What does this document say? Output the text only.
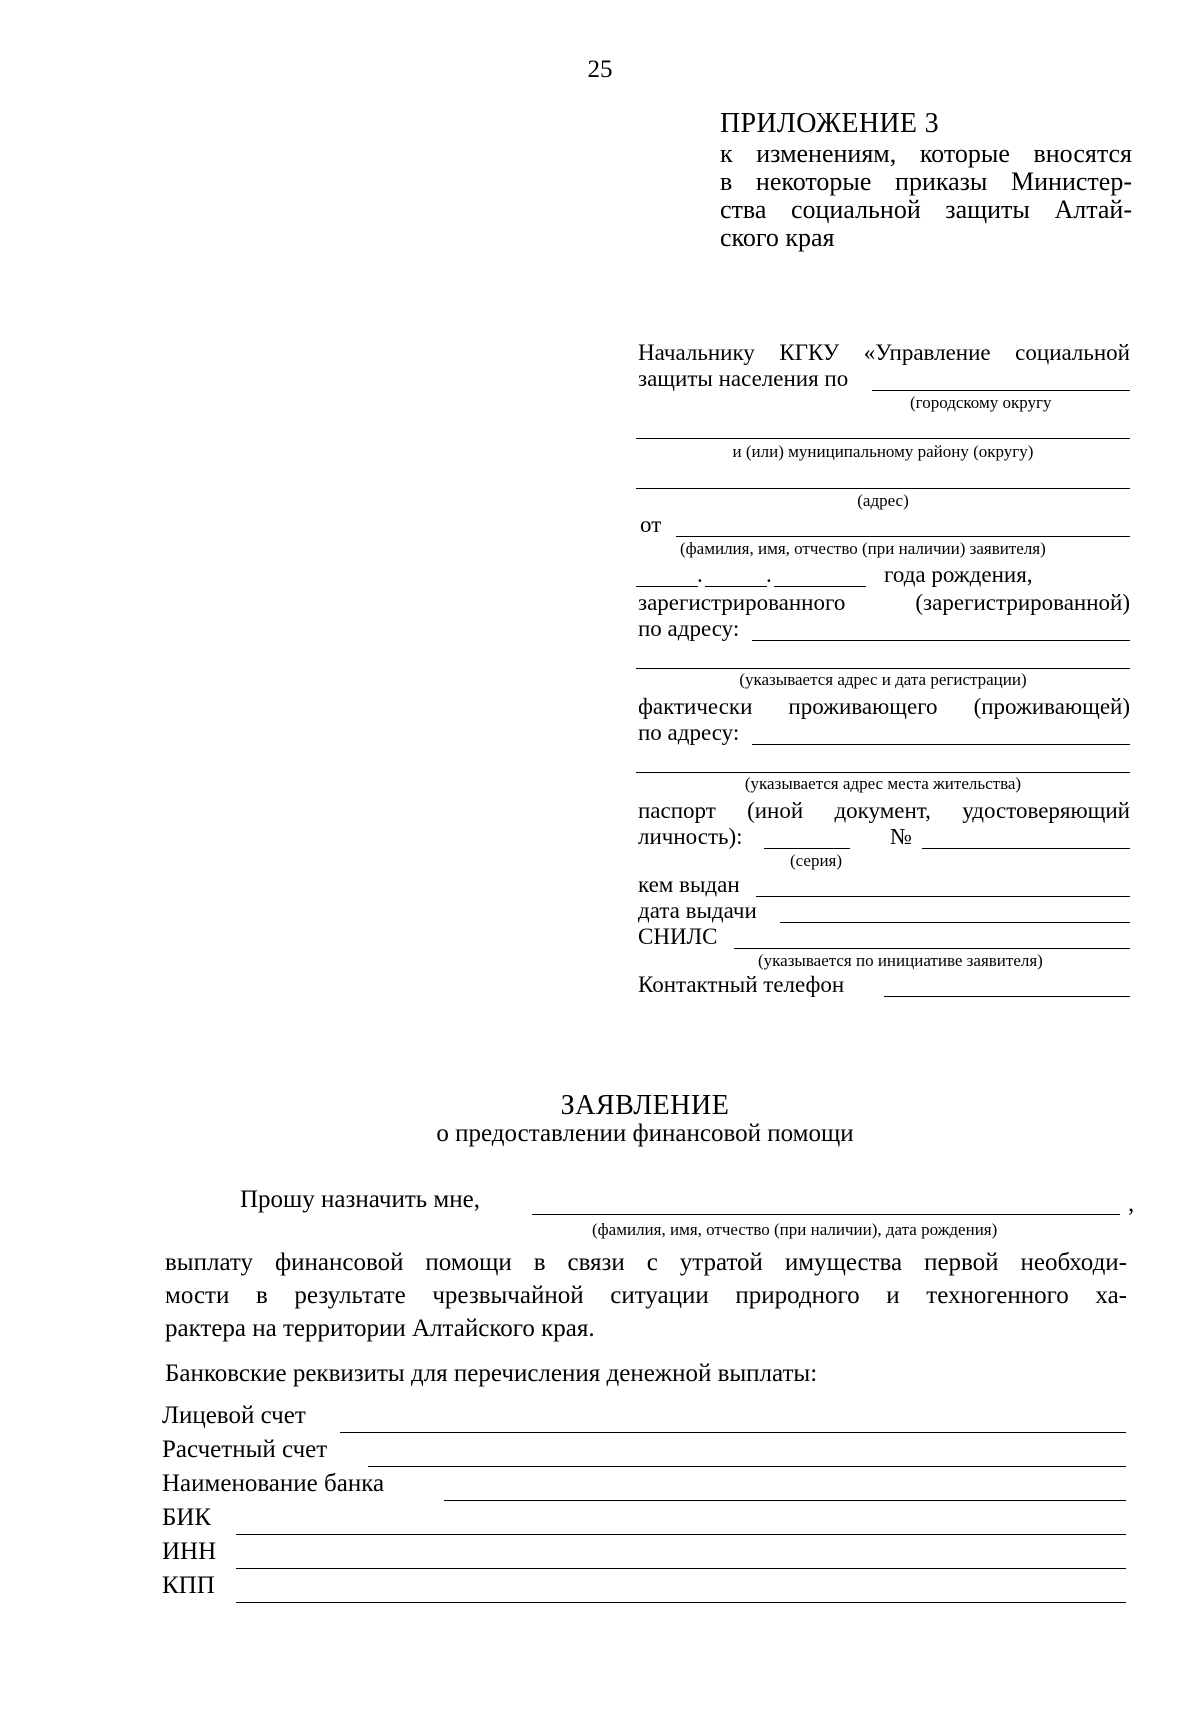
25
ПРИЛОЖЕНИЕ 3
к изменениям, которые вносятся
в некоторые приказы Министер-
ства социальной защиты Алтай-
ского края
Начальнику КГКУ «Управление социальной
защиты населения по
(городскому округу
и (или) муниципальному району (округу)
(адрес)
от
(фамилия, имя, отчество (при наличии) заявителя)
.	.	года рождения,
зарегистрированного	(зарегистрированной)
по адресу:
(указывается адрес и дата регистрации)
фактически проживающего (проживающей)
по адресу:
(указывается адрес места жительства)
паспорт (иной документ, удостоверяющий
личность):	№
(серия)
кем выдан
дата выдачи
СНИЛС
(указывается по инициативе заявителя)
Контактный телефон
ЗАЯВЛЕНИЕ
о предоставлении финансовой помощи
Прошу назначить мне,	,
(фамилия, имя, отчество (при наличии), дата рождения)
выплату финансовой помощи в связи с утратой имущества первой необходи-
мости в результате чрезвычайной ситуации природного и техногенного ха-
рактера на территории Алтайского края.
Банковские реквизиты для перечисления денежной выплаты:
Лицевой счет
Расчетный счет
Наименование банка
БИК
ИНН
КПП
